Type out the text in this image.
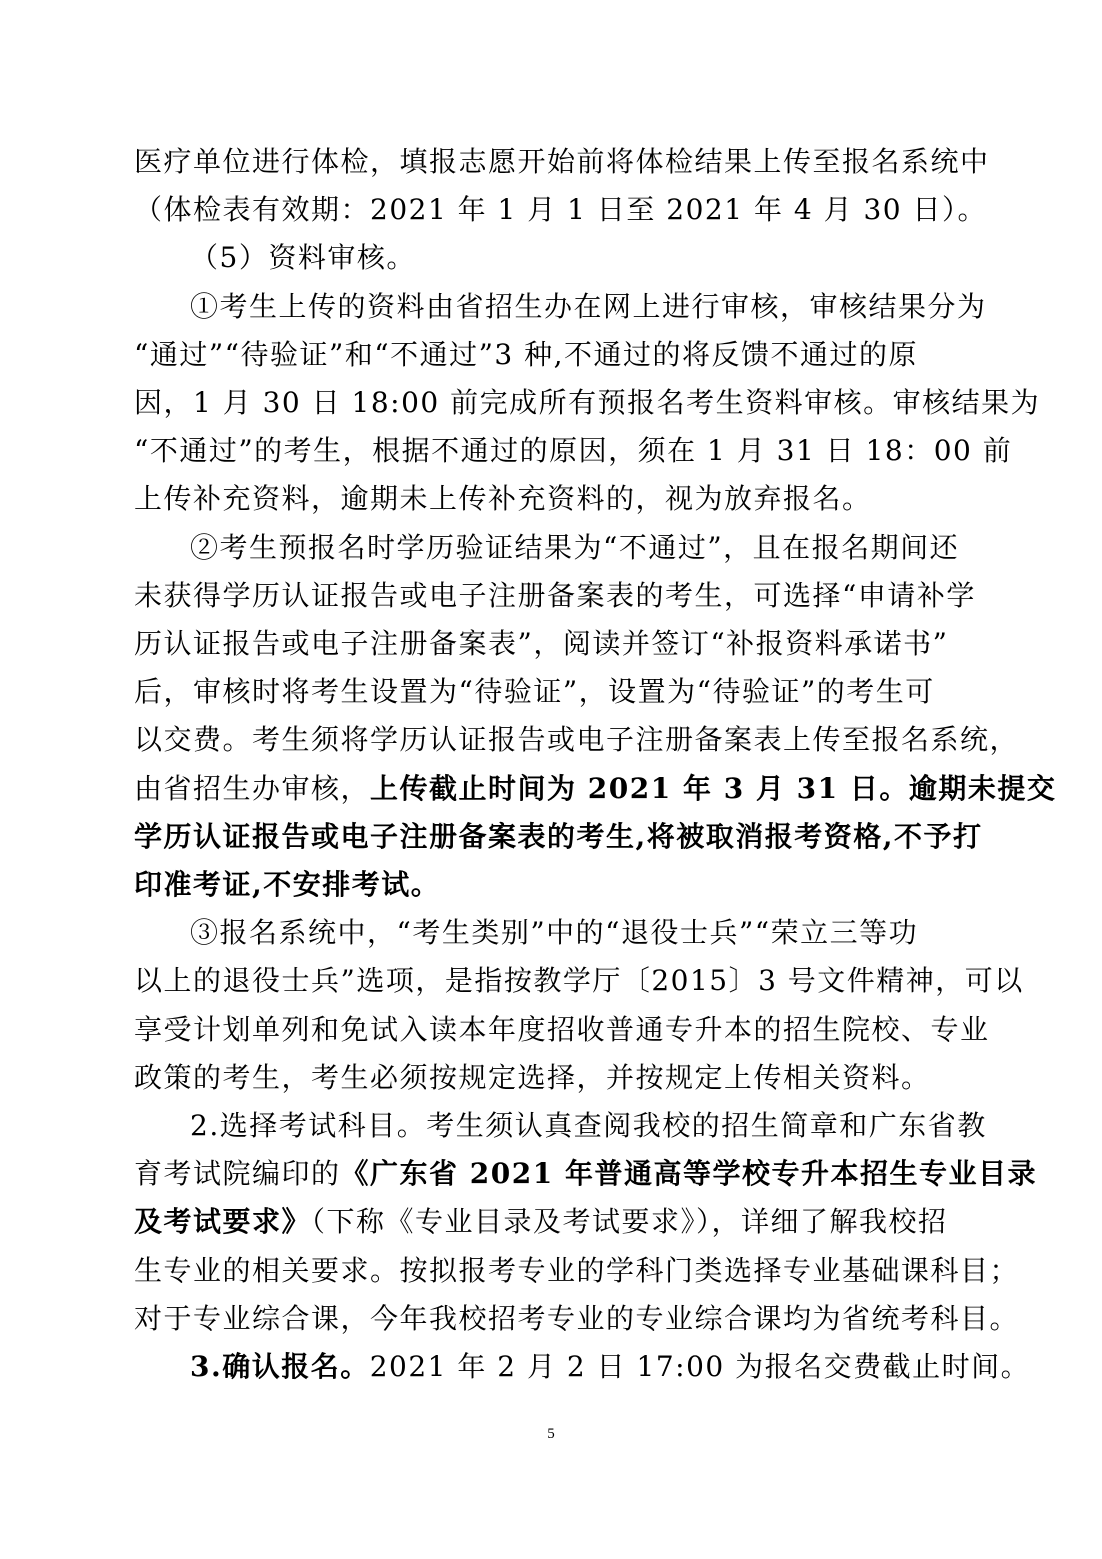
医疗单位进行体检，填报志愿开始前将体检结果上传至报名系统中
（体检表有效期：2021 年 1 月 1 日至 2021 年 4 月 30 日）。
（5）资料审核。
①考生上传的资料由省招生办在网上进行审核，审核结果分为
“通过”“待验证”和“不通过”3 种,不通过的将反馈不通过的原
因，1 月 30 日 18:00 前完成所有预报名考生资料审核。审核结果为
“不通过”的考生，根据不通过的原因，须在 1 月 31 日 18：00 前
上传补充资料，逾期未上传补充资料的，视为放弃报名。
②考生预报名时学历验证结果为“不通过”，且在报名期间还
未获得学历认证报告或电子注册备案表的考生，可选择“申请补学
历认证报告或电子注册备案表”，阅读并签订“补报资料承诺书”
后，审核时将考生设置为“待验证”，设置为“待验证”的考生可
以交费。考生须将学历认证报告或电子注册备案表上传至报名系统，
由省招生办审核，上传截止时间为 2021 年 3 月 31 日。逾期未提交
学历认证报告或电子注册备案表的考生,将被取消报考资格,不予打
印准考证,不安排考试。
③报名系统中，“考生类别”中的“退役士兵”“荣立三等功
以上的退役士兵”选项，是指按教学厅〔2015〕3 号文件精神，可以
享受计划单列和免试入读本年度招收普通专升本的招生院校、专业
政策的考生，考生必须按规定选择，并按规定上传相关资料。
2.选择考试科目。考生须认真查阅我校的招生简章和广东省教
育考试院编印的《广东省 2021 年普通高等学校专升本招生专业目录
及考试要求》（下称《专业目录及考试要求》），详细了解我校招
生专业的相关要求。按拟报考专业的学科门类选择专业基础课科目；
对于专业综合课，今年我校招考专业的专业综合课均为省统考科目。
3.确认报名。2021 年 2 月 2 日 17:00 为报名交费截止时间。
5
